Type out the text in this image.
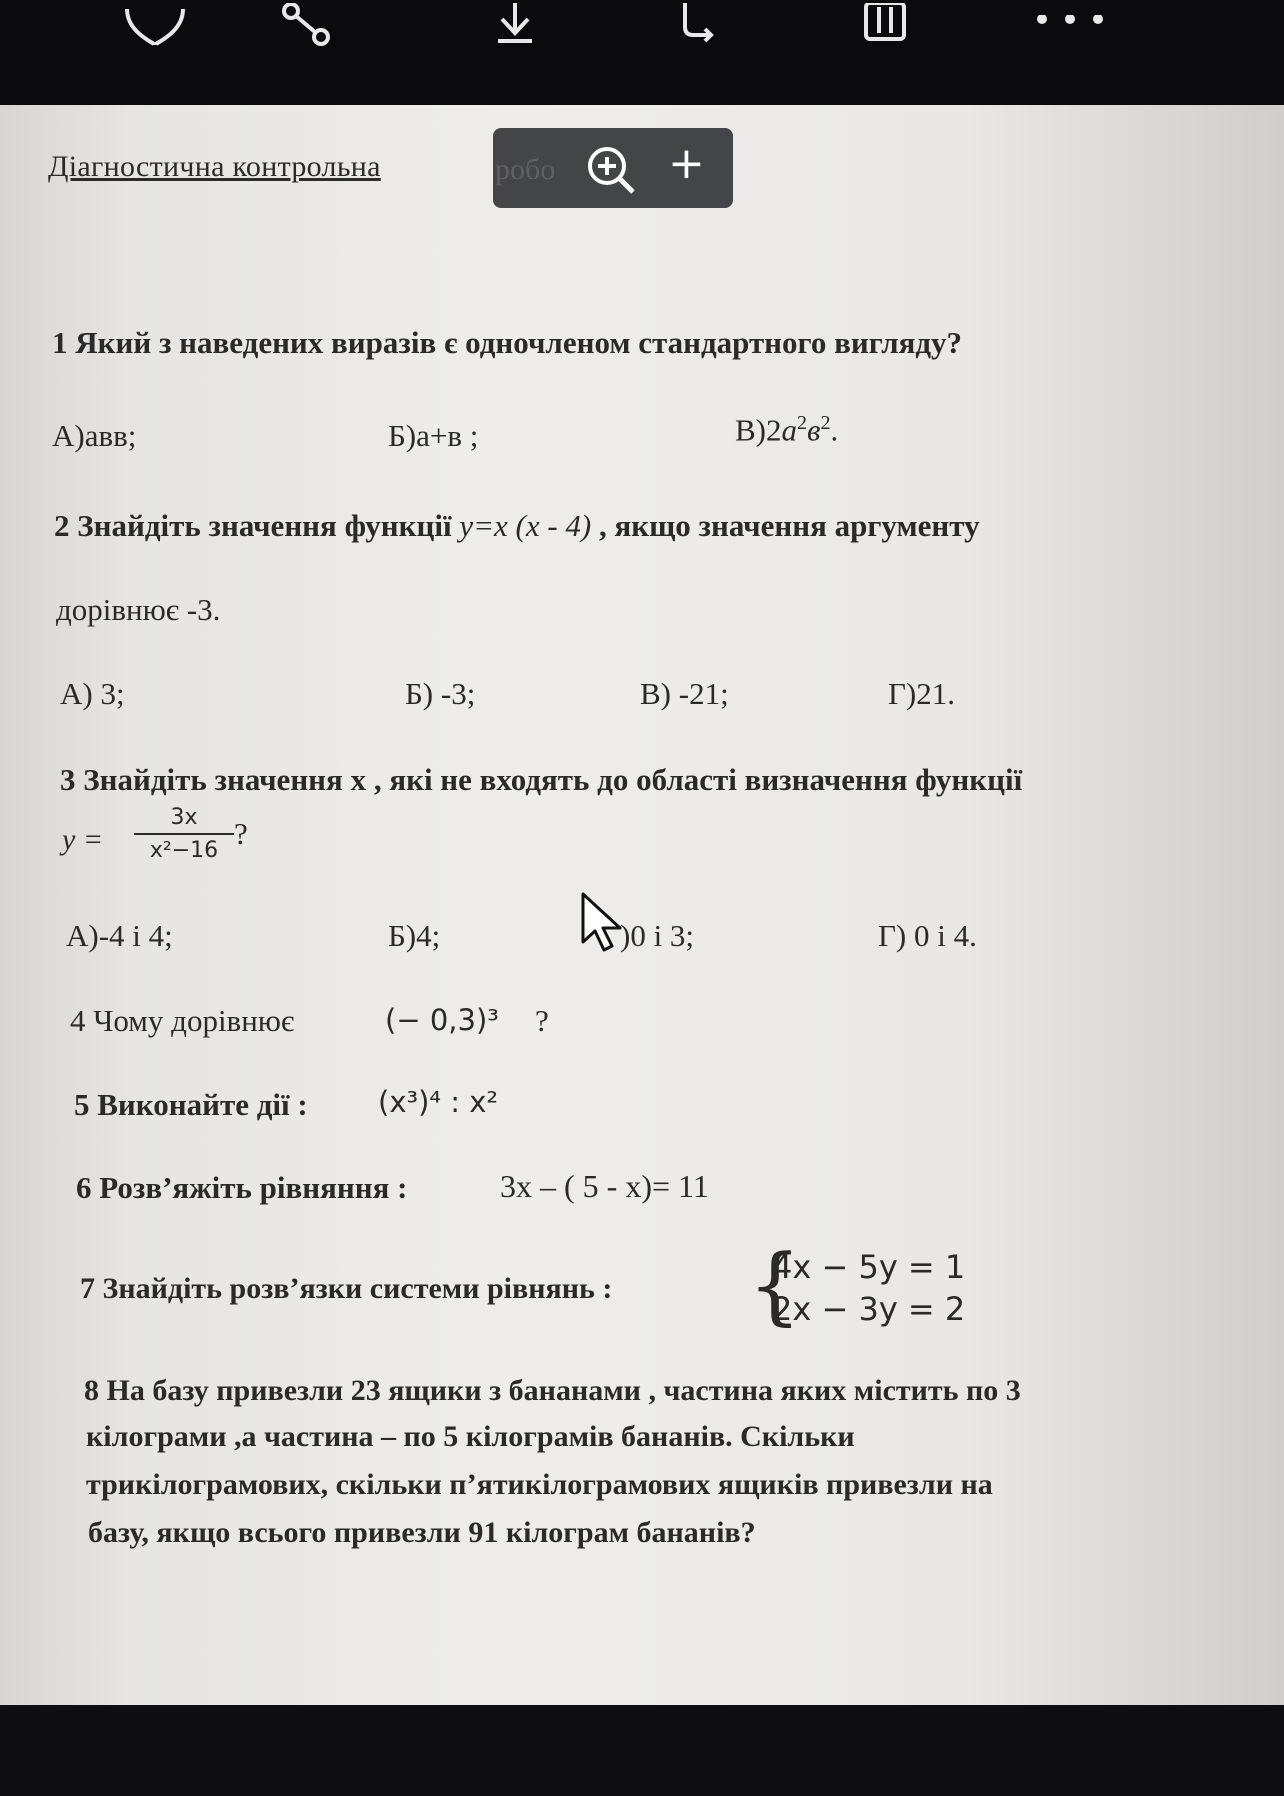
Діагностична контрольна	робо	+
1 Який з наведених виразів є одночленом стандартного вигляду?
А)авв;	Б)а+в ;	$В)2a^2в^2$.
2 Знайдіть значення функції y=x (x - 4) , якщо значення аргументу
дорівнює -3.
А) 3;	Б) -3;	В) -21;	Г)21.
3 Знайдіть значення x , які не входять до області визначення функції
y =
3x
x²−16 ?
А)-4 і 4;	Б)4;	)0 і 3;	Г) 0 і 4.
4 Чому дорівнює	(− 0,3)³ ?
5 Виконайте дії : (x³)⁴ : x²
6 Розв’яжіть рівняння :	3x – ( 5 - x)= 11
7 Знайдіть розв’язки системи рівнянь : {
4x − 5y = 1
2x − 3y = 2
8 На базу привезли 23 ящики з бананами , частина яких містить по 3
кілограми ,а частина – по 5 кілограмів бананів. Скільки
трикілограмових, скільки п’ятикілограмових ящиків привезли на
базу, якщо всього привезли 91 кілограм бананів?
